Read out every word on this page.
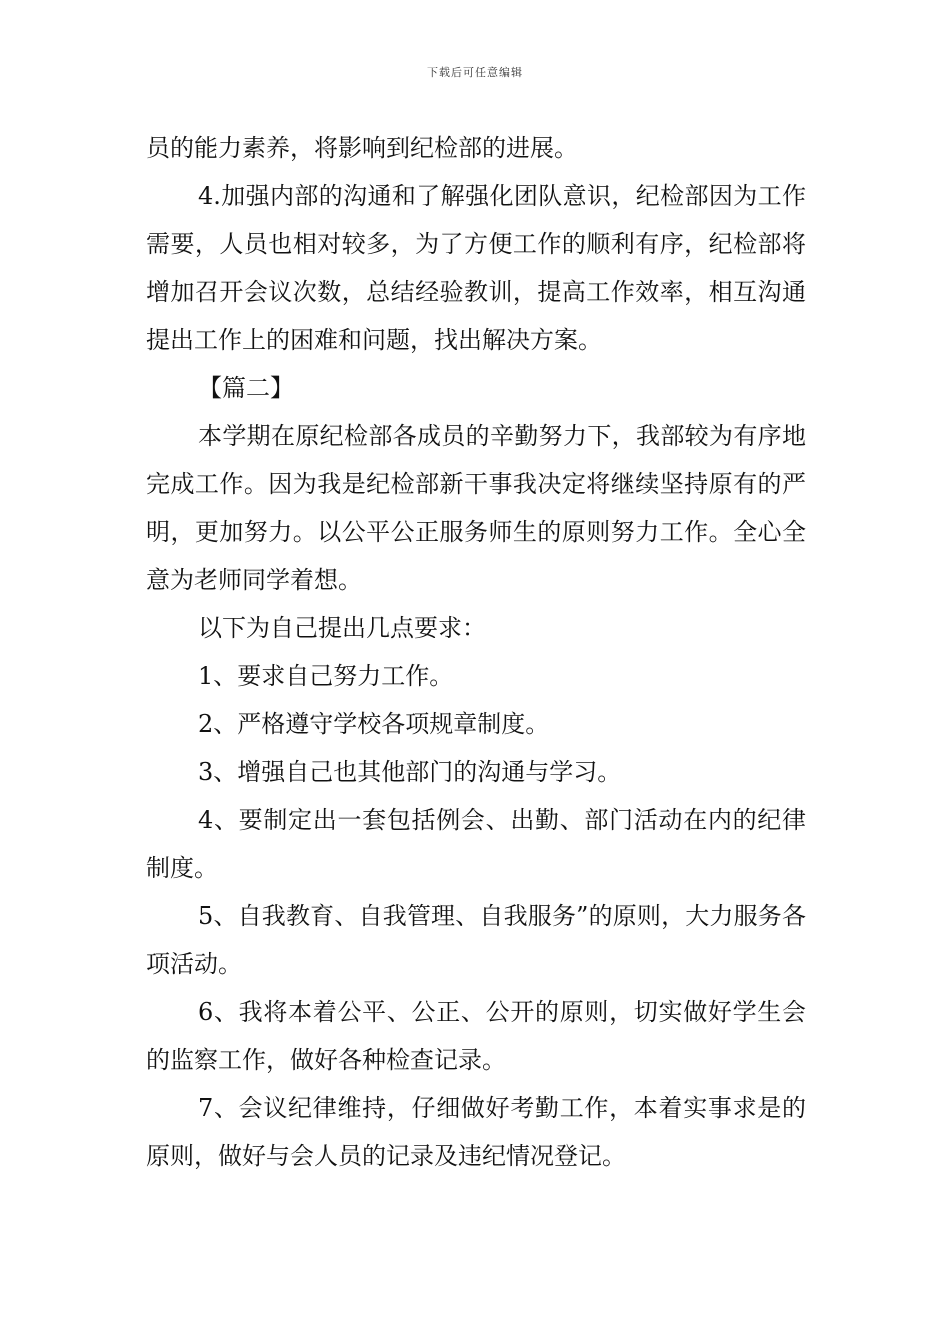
下载后可任意编辑

员的能力素养，将影响到纪检部的进展。

4.加强内部的沟通和了解强化团队意识，纪检部因为工作需要，人员也相对较多，为了方便工作的顺利有序，纪检部将增加召开会议次数，总结经验教训，提高工作效率，相互沟通提出工作上的困难和问题，找出解决方案。

【篇二】

本学期在原纪检部各成员的辛勤努力下，我部较为有序地完成工作。因为我是纪检部新干事我决定将继续坚持原有的严明，更加努力。以公平公正服务师生的原则努力工作。全心全意为老师同学着想。

以下为自己提出几点要求：

1、要求自己努力工作。

2、严格遵守学校各项规章制度。

3、增强自己也其他部门的沟通与学习。

4、要制定出一套包括例会、出勤、部门活动在内的纪律制度。

5、自我教育、自我管理、自我服务”的原则，大力服务各项活动。

6、我将本着公平、公正、公开的原则，切实做好学生会的监察工作，做好各种检查记录。

7、会议纪律维持，仔细做好考勤工作，本着实事求是的原则，做好与会人员的记录及违纪情况登记。
